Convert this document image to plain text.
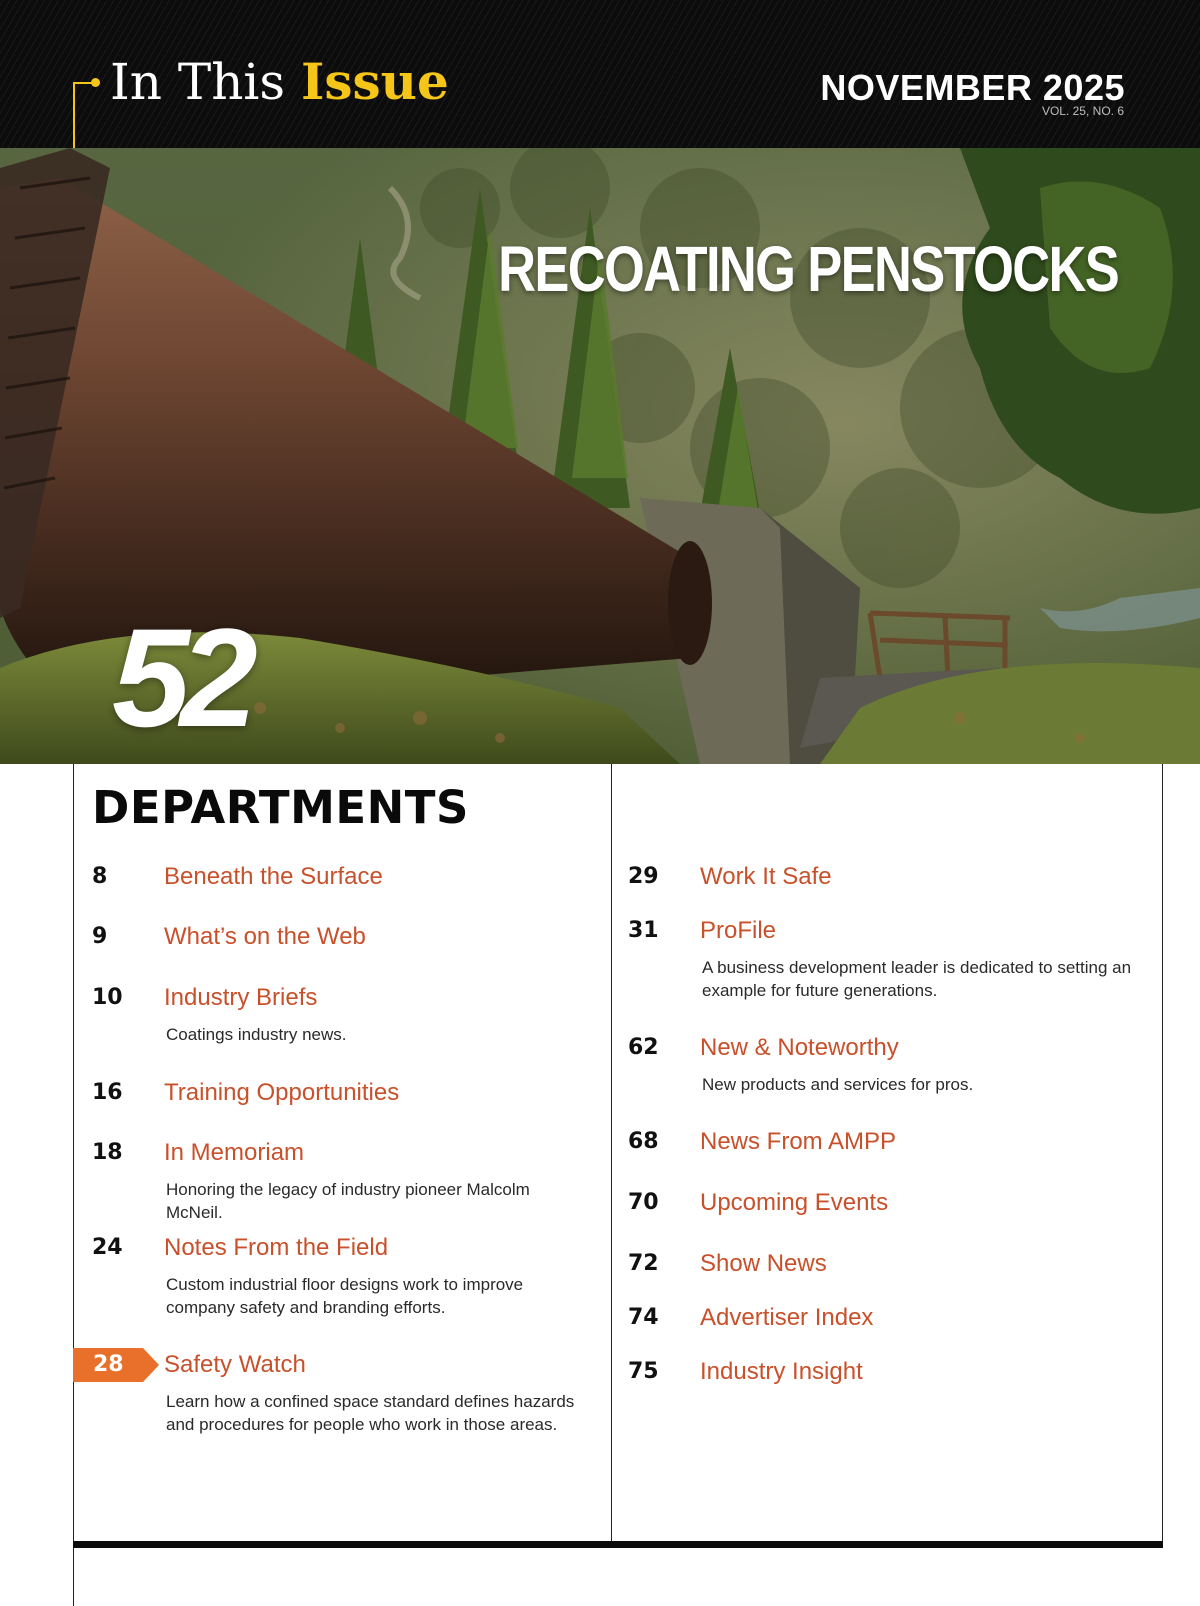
In This Issue	NOVEMBER 2025
VOL. 25, NO. 6
RECOATING PENSTOCKS
52
DEPARTMENTS
28
8 Beneath the Surface
9 What’s on the Web
10 Industry Briefs
Coatings industry news.
16 Training Opportunities
18 In Memoriam
Honoring the legacy of industry pioneer Malcolm McNeil.
24 Notes From the Field
Custom industrial floor designs work to improve company safety and branding efforts.
Safety Watch
Learn how a confined space standard defines hazards and procedures for people who work in those areas.
29 Work It Safe
31 ProFile
A business development leader is dedicated to setting an example for future generations.
62 New & Noteworthy
New products and services for pros.
68 News From AMPP
70 Upcoming Events
72 Show News
74 Advertiser Index
75 Industry Insight
